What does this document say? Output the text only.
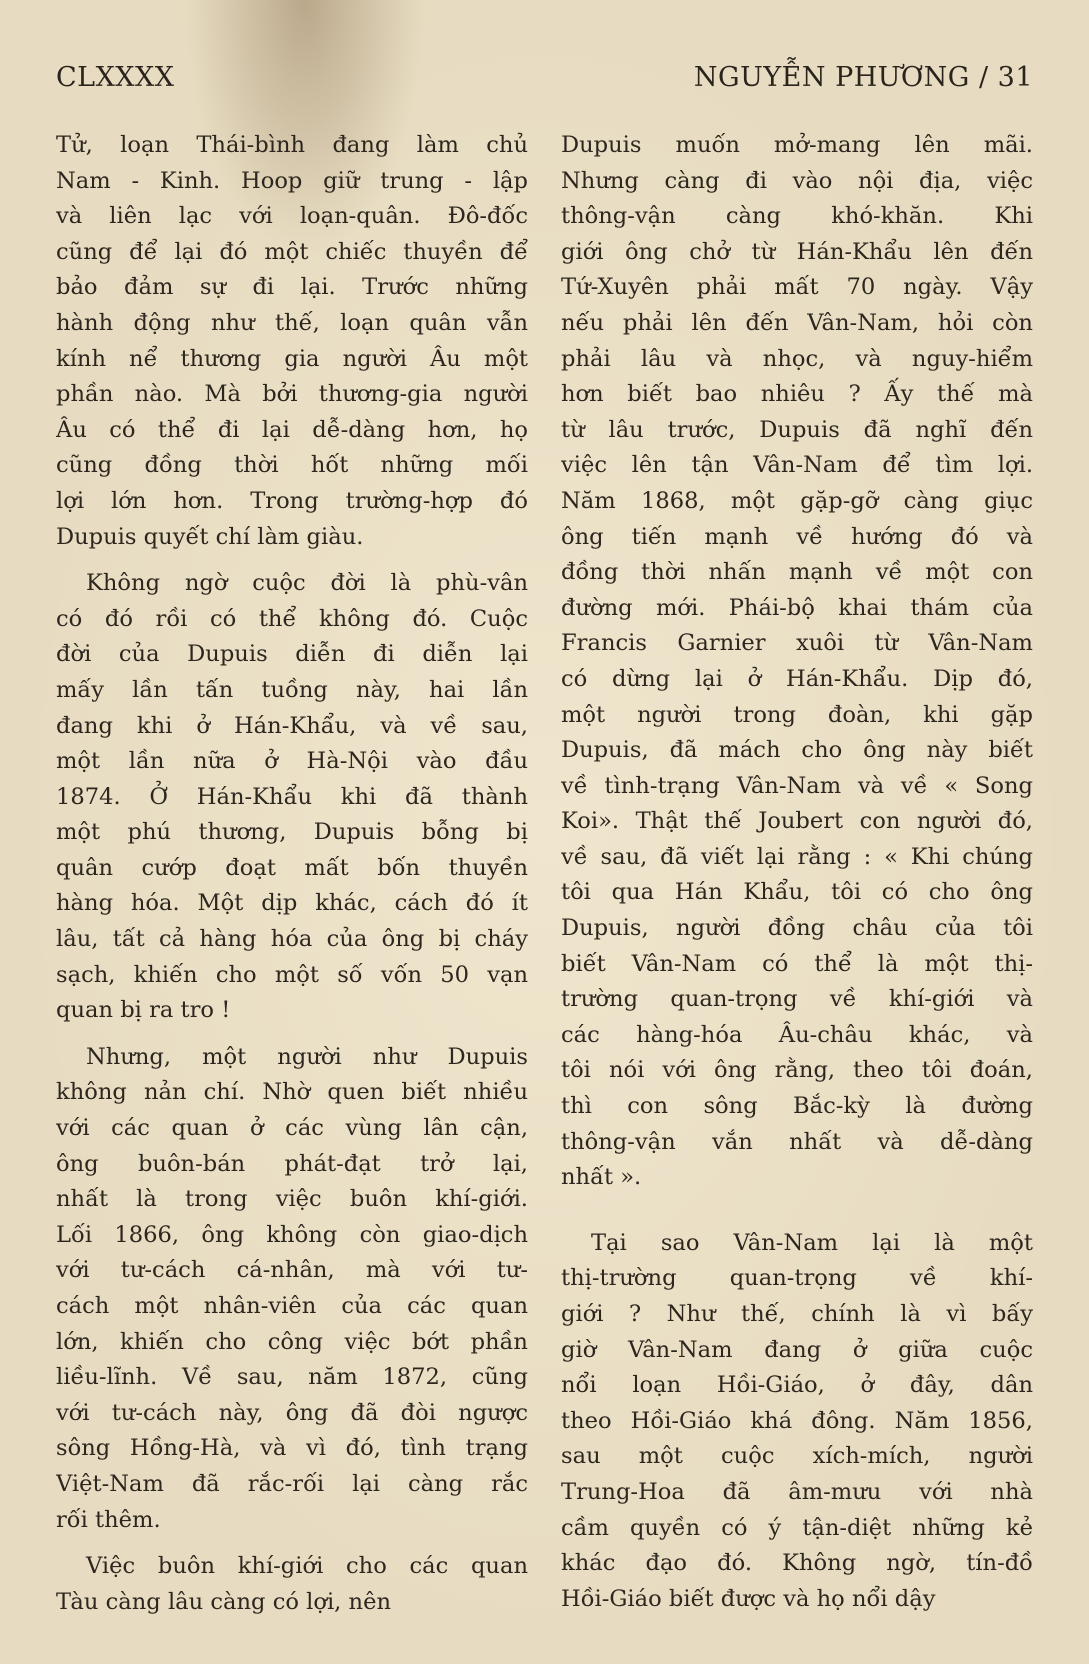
CLXXXX	NGUYỄN PHƯƠNG / 31
Tử, loạn Thái-bình đang làm chủ
Nam - Kinh. Hoop giữ trung - lập
và liên lạc với loạn-quân. Đô-đốc
cũng để lại đó một chiếc thuyền để
bảo đảm sự đi lại. Trước những
hành động như thế, loạn quân vẫn
kính nể thương gia người Âu một
phần nào. Mà bởi thương-gia người
Âu có thể đi lại dễ-dàng hơn, họ
cũng đồng thời hốt những mối
lợi lớn hơn. Trong trường-hợp đó
Dupuis quyết chí làm giàu.
Không ngờ cuộc đời là phù-vân
có đó rồi có thể không đó. Cuộc
đời của Dupuis diễn đi diễn lại
mấy lần tấn tuồng này, hai lần
đang khi ở Hán-Khẩu, và về sau,
một lần nữa ở Hà-Nội vào đầu
1874. Ở Hán-Khẩu khi đã thành
một phú thương, Dupuis bỗng bị
quân cướp đoạt mất bốn thuyền
hàng hóa. Một dịp khác, cách đó ít
lâu, tất cả hàng hóa của ông bị cháy
sạch, khiến cho một số vốn 50 vạn
quan bị ra tro !
Nhưng, một người như Dupuis
không nản chí. Nhờ quen biết nhiều
với các quan ở các vùng lân cận,
ông buôn-bán phát-đạt trở lại,
nhất là trong việc buôn khí-giới.
Lối 1866, ông không còn giao-dịch
với tư-cách cá-nhân, mà với tư-
cách một nhân-viên của các quan
lớn, khiến cho công việc bớt phần
liều-lĩnh. Về sau, năm 1872, cũng
với tư-cách này, ông đã đòi ngược
sông Hồng-Hà, và vì đó, tình trạng
Việt-Nam đã rắc-rối lại càng rắc
rối thêm.
Việc buôn khí-giới cho các quan
Tàu càng lâu càng có lợi, nên
Dupuis muốn mở-mang lên mãi.
Nhưng càng đi vào nội địa, việc
thông-vận càng khó-khăn. Khi
giới ông chở từ Hán-Khẩu lên đến
Tứ-Xuyên phải mất 70 ngày. Vậy
nếu phải lên đến Vân-Nam, hỏi còn
phải lâu và nhọc, và nguy-hiểm
hơn biết bao nhiêu ? Ấy thế mà
từ lâu trước, Dupuis đã nghĩ đến
việc lên tận Vân-Nam để tìm lợi.
Năm 1868, một gặp-gỡ càng giục
ông tiến mạnh về hướng đó và
đồng thời nhấn mạnh về một con
đường mới. Phái-bộ khai thám của
Francis Garnier xuôi từ Vân-Nam
có dừng lại ở Hán-Khẩu. Dịp đó,
một người trong đoàn, khi gặp
Dupuis, đã mách cho ông này biết
về tình-trạng Vân-Nam và về « Song
Koi». Thật thế Joubert con người đó,
về sau, đã viết lại rằng : « Khi chúng
tôi qua Hán Khẩu, tôi có cho ông
Dupuis, người đồng châu của tôi
biết Vân-Nam có thể là một thị-
trường quan-trọng về khí-giới và
các hàng-hóa Âu-châu khác, và
tôi nói với ông rằng, theo tôi đoán,
thì con sông Bắc-kỳ là đường
thông-vận vắn nhất và dễ-dàng
nhất ».
Tại sao Vân-Nam lại là một
thị-trường quan-trọng về khí-
giới ? Như thế, chính là vì bấy
giờ Vân-Nam đang ở giữa cuộc
nổi loạn Hồi-Giáo, ở đây, dân
theo Hồi-Giáo khá đông. Năm 1856,
sau một cuộc xích-mích, người
Trung-Hoa đã âm-mưu với nhà
cầm quyền có ý tận-diệt những kẻ
khác đạo đó. Không ngờ, tín-đồ
Hồi-Giáo biết được và họ nổi dậy
